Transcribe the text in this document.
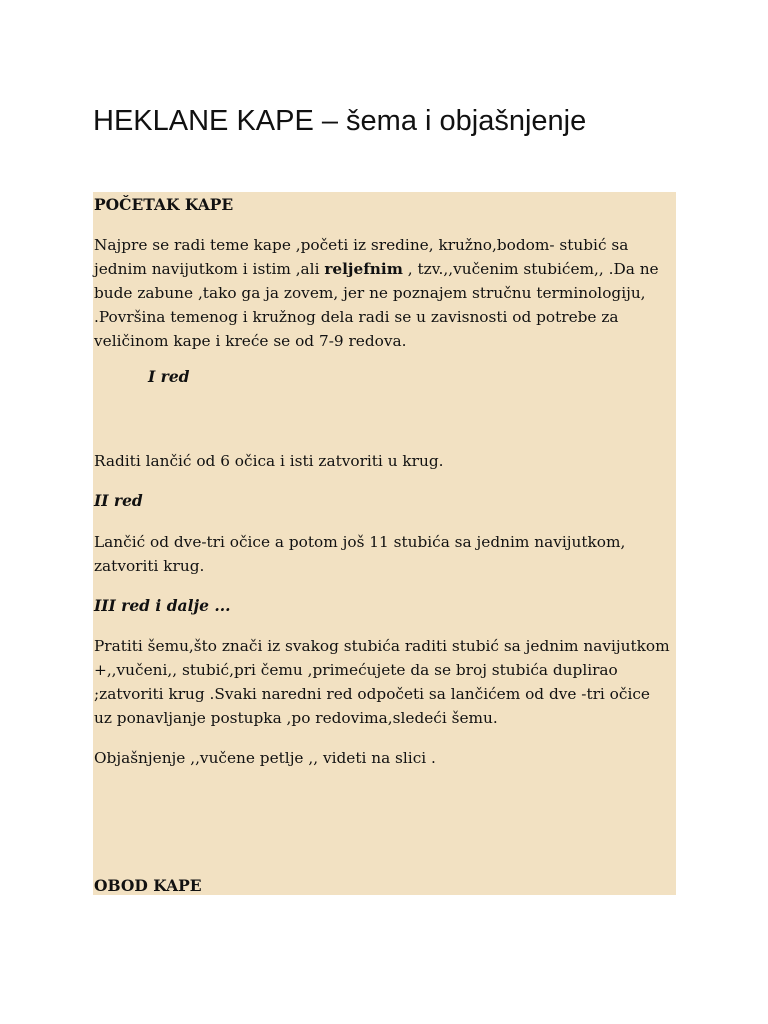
HEKLANE KAPE – šema i objašnjenje

POČETAK KAPE

Najpre se radi teme kape ,početi iz sredine, kružno,bodom- stubić sa jednim navijutkom i istim ,ali reljefnim , tzv.,,vučenim stubićem,, .Da ne bude zabune ,tako ga ja zovem, jer ne poznajem stručnu terminologiju, .Površina temenog i kružnog dela radi se u zavisnosti od potrebe za veličinom kape i kreće se od 7-9 redova.

I red

Raditi lančić od 6 očica i isti zatvoriti u krug.

II red

Lančić od dve-tri očice a potom još 11 stubića sa jednim navijutkom, zatvoriti krug.

III red i dalje ...

Pratiti šemu,što znači iz svakog stubića raditi stubić sa jednim navijutkom +,,vučeni,, stubić,pri čemu ,primećujete da se broj stubića duplirao ;zatvoriti krug .Svaki naredni red odpočeti sa lančićem od dve -tri očice uz ponavljanje postupka ,po redovima,sledeći šemu.

Objašnjenje ,,vučene petlje ,, videti na slici .

OBOD KAPE
